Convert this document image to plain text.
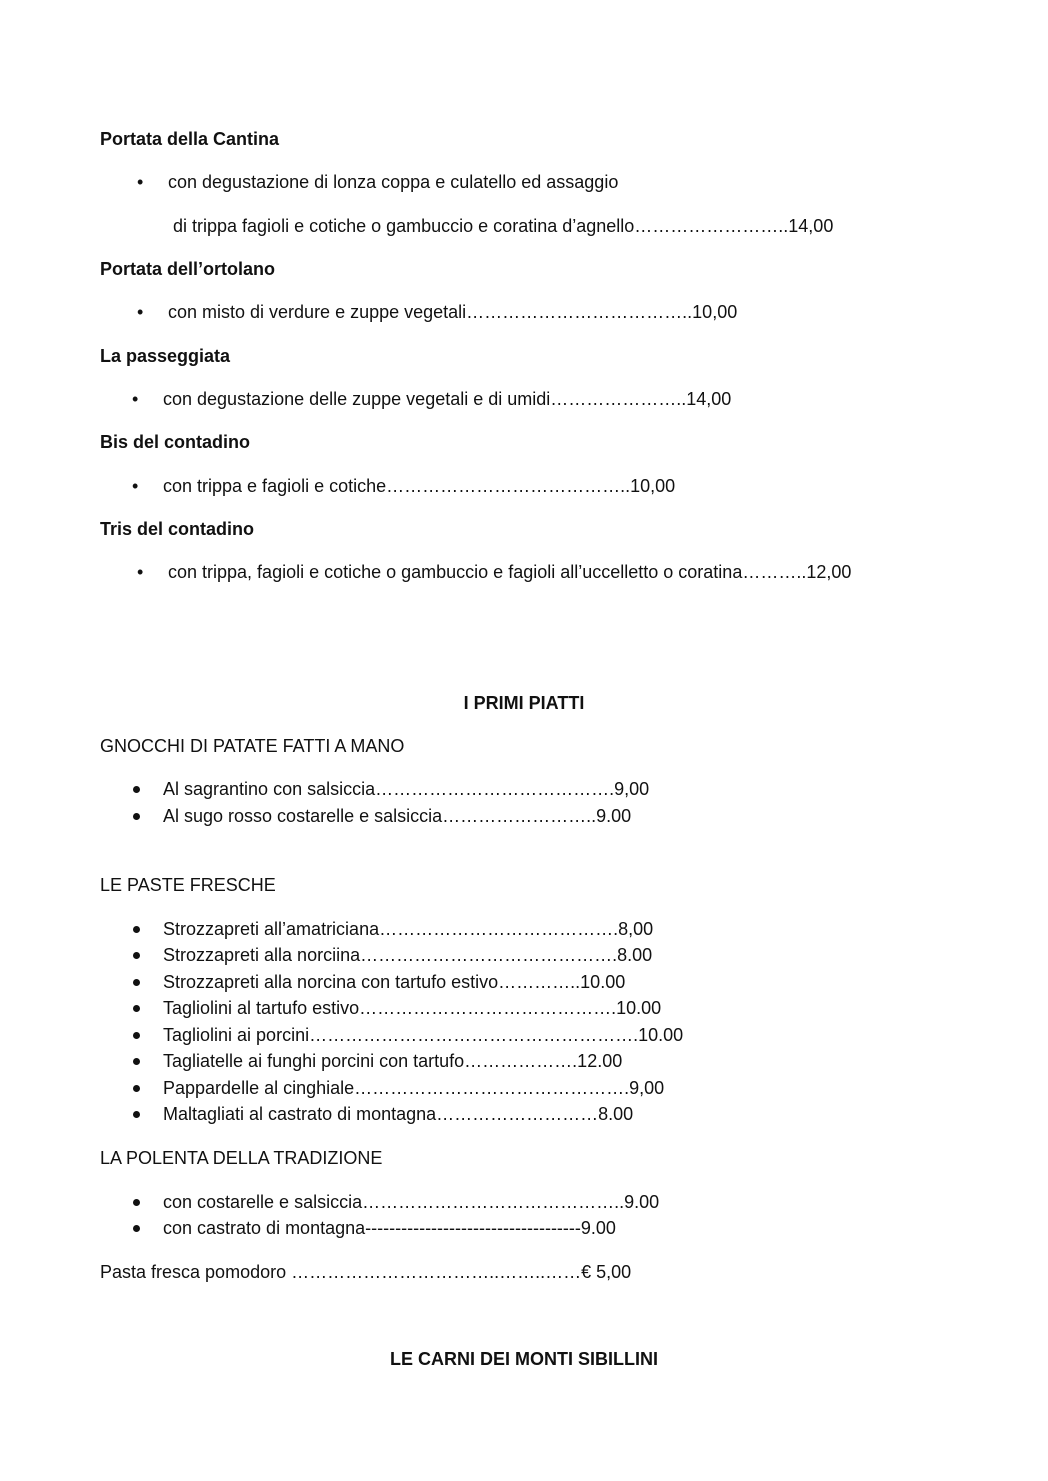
Portata della Cantina
• con degustazione di lonza coppa e culatello ed assaggio
di trippa fagioli e cotiche o gambuccio e coratina d’agnello……………………..14,00
Portata dell’ortolano
• con misto di verdure e zuppe vegetali………………………………..10,00
La passeggiata
• con degustazione delle zuppe vegetali e di umidi…………………..14,00
Bis del contadino
• con trippa e fagioli e cotiche…………………………………..10,00
Tris del contadino
• con trippa, fagioli e cotiche o gambuccio e fagioli all’uccelletto o coratina………..12,00
I PRIMI PIATTI
GNOCCHI DI PATATE FATTI A MANO
Al sagrantino con salsiccia………………………………….9,00
Al sugo rosso costarelle e salsiccia……………………..9.00
LE PASTE FRESCHE
Strozzapreti all’amatriciana………………………………….8,00
Strozzapreti alla norciina…………………………………….8.00
Strozzapreti alla norcina con tartufo estivo…………..10.00
Tagliolini al tartufo estivo…………………………………….10.00
Tagliolini ai porcini……………………………………………….10.00
Tagliatelle ai funghi porcini con tartufo……………….12.00
Pappardelle al cinghiale……………………………………….9,00
Maltagliati al castrato di montagna………………………8.00
LA POLENTA DELLA TRADIZIONE
con costarelle e salsiccia……………………………………..9.00
con castrato di montagna------------------------------------9.00
Pasta fresca pomodoro ……………………………..……..……€ 5,00
LE CARNI DEI MONTI SIBILLINI
